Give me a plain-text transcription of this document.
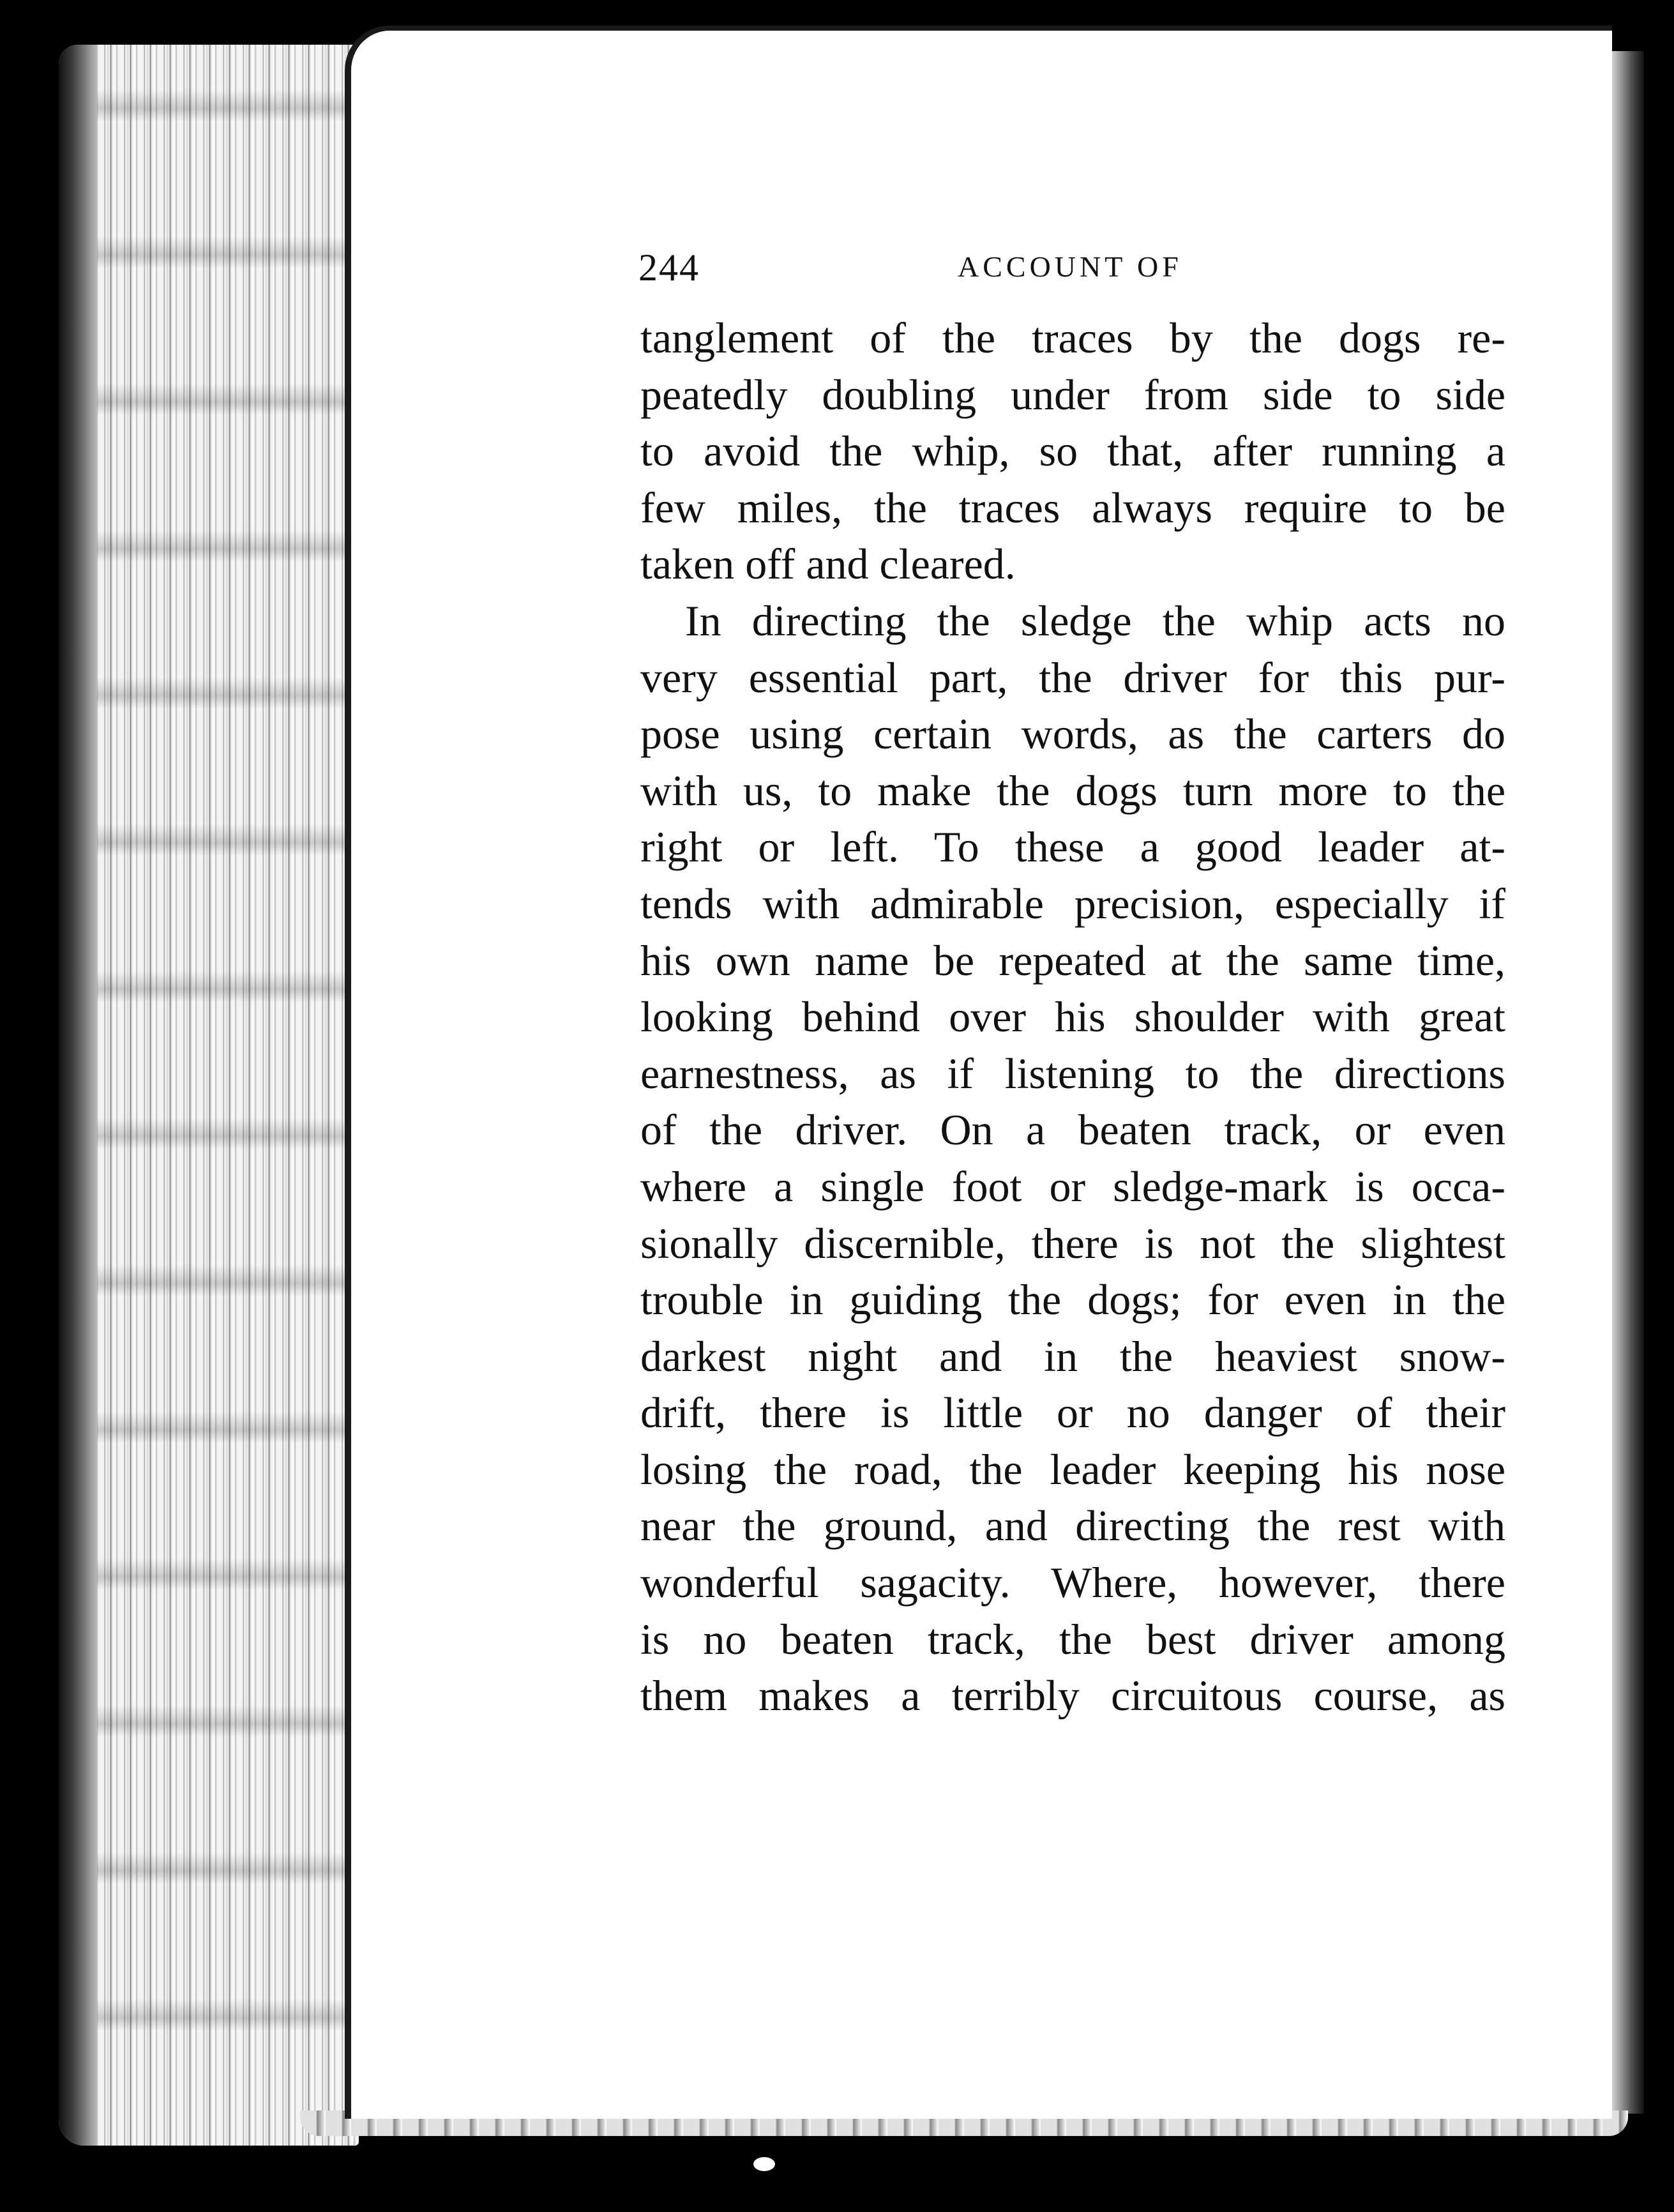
244	ACCOUNT OF
tanglement of the traces by the dogs re-
peatedly doubling under from side to side
to avoid the whip, so that, after running a
few miles, the traces always require to be
taken off and cleared.
In directing the sledge the whip acts no
very essential part, the driver for this pur-
pose using certain words, as the carters do
with us, to make the dogs turn more to the
right or left. To these a good leader at-
tends with admirable precision, especially if
his own name be repeated at the same time,
looking behind over his shoulder with great
earnestness, as if listening to the directions
of the driver. On a beaten track, or even
where a single foot or sledge-mark is occa-
sionally discernible, there is not the slightest
trouble in guiding the dogs; for even in the
darkest night and in the heaviest snow-
drift, there is little or no danger of their
losing the road, the leader keeping his nose
near the ground, and directing the rest with
wonderful sagacity. Where, however, there
is no beaten track, the best driver among
them makes a terribly circuitous course, as
